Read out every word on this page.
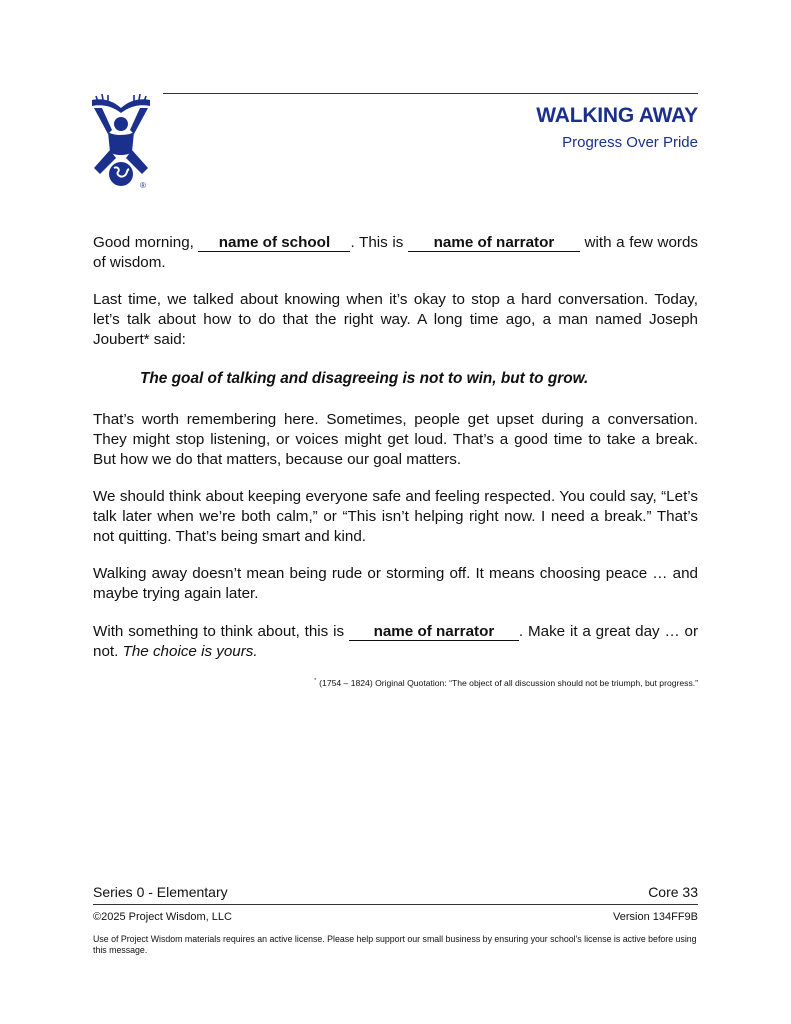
®
WALKING AWAY
Progress Over Pride
Good morning, name of school . This is name of narrator with a few words of wisdom.
Last time, we talked about knowing when it’s okay to stop a hard conversation. Today, let’s talk about how to do that the right way. A long time ago, a man named Joseph Joubert* said:
The goal of talking and disagreeing is not to win, but to grow.
That’s worth remembering here. Sometimes, people get upset during a conversation. They might stop listening, or voices might get loud. That’s a good time to take a break. But how we do that matters, because our goal matters.
We should think about keeping everyone safe and feeling respected. You could say, “Let’s talk later when we’re both calm,” or “This isn’t helping right now. I need a break.” That’s not quitting. That’s being smart and kind.
Walking away doesn’t mean being rude or storming off. It means choosing peace … and maybe trying again later.
With something to think about, this is name of narrator . Make it a great day … or not. The choice is yours.
* (1754 – 1824) Original Quotation: “The object of all discussion should not be triumph, but progress.”
Series 0 - Elementary	Core 33
©2025 Project Wisdom, LLC	Version 134FF9B
Use of Project Wisdom materials requires an active license. Please help support our small business by ensuring your school's license is active before using this message.
